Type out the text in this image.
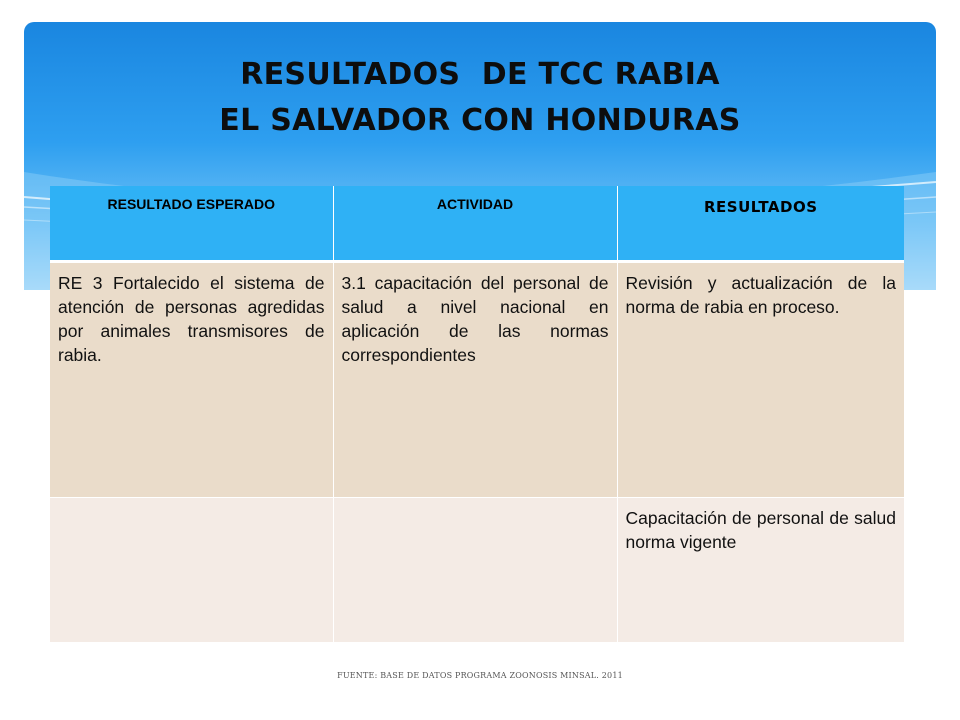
RESULTADOS  DE TCC RABIA
EL SALVADOR CON HONDURAS
RESULTADO ESPERADO	ACTIVIDAD	RESULTADOS
RE 3 Fortalecido el sistema de atención de personas agredidas por animales transmisores de rabia.	3.1 capacitación del personal de salud a nivel nacional en aplicación de las normas correspondientes	Revisión y actualización de la norma de rabia en proceso.
		Capacitación de personal de salud norma vigente
FUENTE: BASE DE DATOS PROGRAMA ZOONOSIS MINSAL. 2011
